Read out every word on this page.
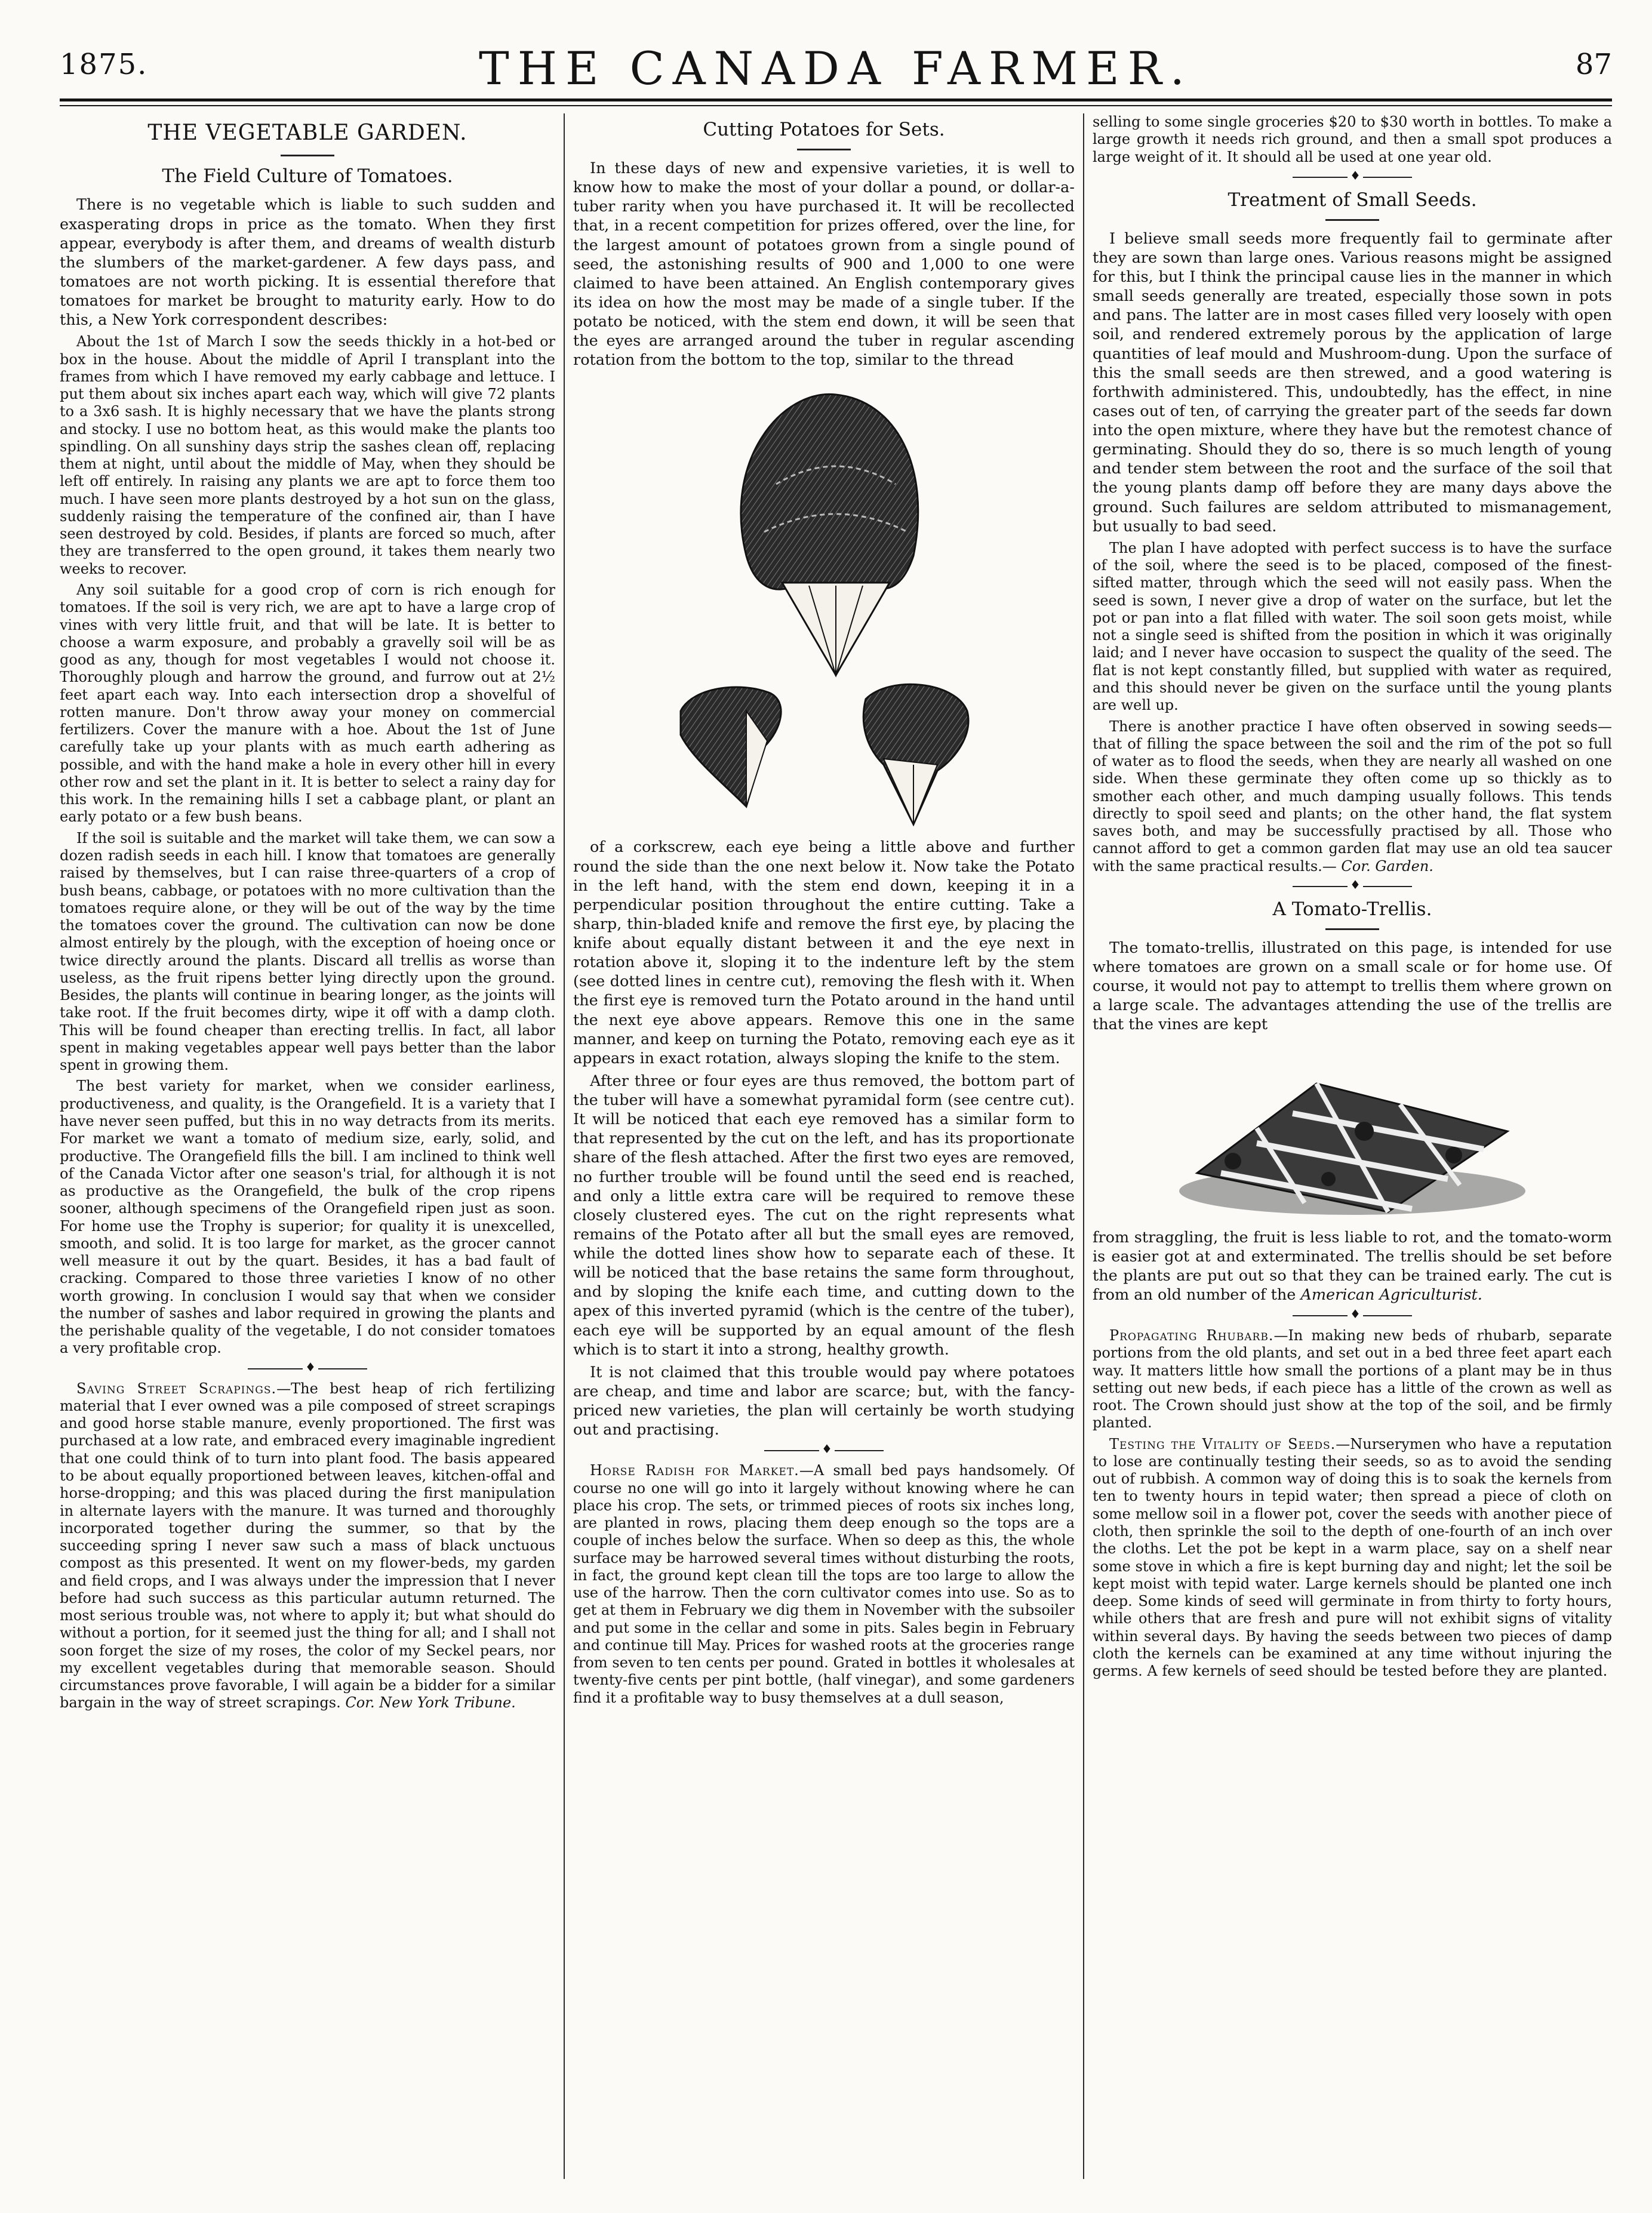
1875.	THE CANADA FARMER.	87
THE VEGETABLE GARDEN.
The Field Culture of Tomatoes.

There is no vegetable which is liable to such sudden and exasperating drops in price as the tomato. When they first appear, everybody is after them, and dreams of wealth disturb the slumbers of the market-gardener. A few days pass, and tomatoes are not worth picking. It is essential therefore that tomatoes for market be brought to maturity early. How to do this, a New York correspondent describes:

About the 1st of March I sow the seeds thickly in a hot-bed or box in the house. About the middle of April I transplant into the frames from which I have removed my early cabbage and lettuce. I put them about six inches apart each way, which will give 72 plants to a 3x6 sash. It is highly necessary that we have the plants strong and stocky. I use no bottom heat, as this would make the plants too spindling. On all sunshiny days strip the sashes clean off, replacing them at night, until about the middle of May, when they should be left off entirely. In raising any plants we are apt to force them too much. I have seen more plants destroyed by a hot sun on the glass, suddenly raising the temperature of the confined air, than I have seen destroyed by cold. Besides, if plants are forced so much, after they are transferred to the open ground, it takes them nearly two weeks to recover.

Any soil suitable for a good crop of corn is rich enough for tomatoes. If the soil is very rich, we are apt to have a large crop of vines with very little fruit, and that will be late. It is better to choose a warm exposure, and probably a gravelly soil will be as good as any, though for most vegetables I would not choose it. Thoroughly plough and harrow the ground, and furrow out at 2½ feet apart each way. Into each intersection drop a shovelful of rotten manure. Don't throw away your money on commercial fertilizers. Cover the manure with a hoe. About the 1st of June carefully take up your plants with as much earth adhering as possible, and with the hand make a hole in every other hill in every other row and set the plant in it. It is better to select a rainy day for this work. In the remaining hills I set a cabbage plant, or plant an early potato or a few bush beans.

If the soil is suitable and the market will take them, we can sow a dozen radish seeds in each hill. I know that tomatoes are generally raised by themselves, but I can raise three-quarters of a crop of bush beans, cabbage, or potatoes with no more cultivation than the tomatoes require alone, or they will be out of the way by the time the tomatoes cover the ground. The cultivation can now be done almost entirely by the plough, with the exception of hoeing once or twice directly around the plants. Discard all trellis as worse than useless, as the fruit ripens better lying directly upon the ground. Besides, the plants will continue in bearing longer, as the joints will take root. If the fruit becomes dirty, wipe it off with a damp cloth. This will be found cheaper than erecting trellis. In fact, all labor spent in making vegetables appear well pays better than the labor spent in growing them.

The best variety for market, when we consider earliness, productiveness, and quality, is the Orangefield. It is a variety that I have never seen puffed, but this in no way detracts from its merits. For market we want a tomato of medium size, early, solid, and productive. The Orangefield fills the bill. I am inclined to think well of the Canada Victor after one season's trial, for although it is not as productive as the Orangefield, the bulk of the crop ripens sooner, although specimens of the Orangefield ripen just as soon. For home use the Trophy is superior; for quality it is unexcelled, smooth, and solid. It is too large for market, as the grocer cannot well measure it out by the quart. Besides, it has a bad fault of cracking. Compared to those three varieties I know of no other worth growing. In conclusion I would say that when we consider the number of sashes and labor required in growing the plants and the perishable quality of the vegetable, I do not consider tomatoes a very profitable crop.

♦

Saving Street Scrapings.—The best heap of rich fertilizing material that I ever owned was a pile composed of street scrapings and good horse stable manure, evenly proportioned. The first was purchased at a low rate, and embraced every imaginable ingredient that one could think of to turn into plant food. The basis appeared to be about equally proportioned between leaves, kitchen-offal and horse-dropping; and this was placed during the first manipulation in alternate layers with the manure. It was turned and thoroughly incorporated together during the summer, so that by the succeeding spring I never saw such a mass of black unctuous compost as this presented. It went on my flower-beds, my garden and field crops, and I was always under the impression that I never before had such success as this particular autumn returned. The most serious trouble was, not where to apply it; but what should do without a portion, for it seemed just the thing for all; and I shall not soon forget the size of my roses, the color of my Seckel pears, nor my excellent vegetables during that memorable season. Should circumstances prove favorable, I will again be a bidder for a similar bargain in the way of street scrapings. Cor. New York Tribune.

Cutting Potatoes for Sets.

In these days of new and expensive varieties, it is well to know how to make the most of your dollar a pound, or dollar-a-tuber rarity when you have purchased it. It will be recollected that, in a recent competition for prizes offered, over the line, for the largest amount of potatoes grown from a single pound of seed, the astonishing results of 900 and 1,000 to one were claimed to have been attained. An English contemporary gives its idea on how the most may be made of a single tuber. If the potato be noticed, with the stem end down, it will be seen that the eyes are arranged around the tuber in regular ascending rotation from the bottom to the top, similar to the thread

of a corkscrew, each eye being a little above and further round the side than the one next below it. Now take the Potato in the left hand, with the stem end down, keeping it in a perpendicular position throughout the entire cutting. Take a sharp, thin-bladed knife and remove the first eye, by placing the knife about equally distant between it and the eye next in rotation above it, sloping it to the indenture left by the stem (see dotted lines in centre cut), removing the flesh with it. When the first eye is removed turn the Potato around in the hand until the next eye above appears. Remove this one in the same manner, and keep on turning the Potato, removing each eye as it appears in exact rotation, always sloping the knife to the stem.

After three or four eyes are thus removed, the bottom part of the tuber will have a somewhat pyramidal form (see centre cut). It will be noticed that each eye removed has a similar form to that represented by the cut on the left, and has its proportionate share of the flesh attached. After the first two eyes are removed, no further trouble will be found until the seed end is reached, and only a little extra care will be required to remove these closely clustered eyes. The cut on the right represents what remains of the Potato after all but the small eyes are removed, while the dotted lines show how to separate each of these. It will be noticed that the base retains the same form throughout, and by sloping the knife each time, and cutting down to the apex of this inverted pyramid (which is the centre of the tuber), each eye will be supported by an equal amount of the flesh which is to start it into a strong, healthy growth.

It is not claimed that this trouble would pay where potatoes are cheap, and time and labor are scarce; but, with the fancy-priced new varieties, the plan will certainly be worth studying out and practising.

♦

Horse Radish for Market.—A small bed pays handsomely. Of course no one will go into it largely without knowing where he can place his crop. The sets, or trimmed pieces of roots six inches long, are planted in rows, placing them deep enough so the tops are a couple of inches below the surface. When so deep as this, the whole surface may be harrowed several times without disturbing the roots, in fact, the ground kept clean till the tops are too large to allow the use of the harrow. Then the corn cultivator comes into use. So as to get at them in February we dig them in November with the subsoiler and put some in the cellar and some in pits. Sales begin in February and continue till May. Prices for washed roots at the groceries range from seven to ten cents per pound. Grated in bottles it wholesales at twenty-five cents per pint bottle, (half vinegar), and some gardeners find it a profitable way to busy themselves at a dull season,

selling to some single groceries $20 to $30 worth in bottles. To make a large growth it needs rich ground, and then a small spot produces a large weight of it. It should all be used at one year old.

♦
Treatment of Small Seeds.

I believe small seeds more frequently fail to germinate after they are sown than large ones. Various reasons might be assigned for this, but I think the principal cause lies in the manner in which small seeds generally are treated, especially those sown in pots and pans. The latter are in most cases filled very loosely with open soil, and rendered extremely porous by the application of large quantities of leaf mould and Mushroom-dung. Upon the surface of this the small seeds are then strewed, and a good watering is forthwith administered. This, undoubtedly, has the effect, in nine cases out of ten, of carrying the greater part of the seeds far down into the open mixture, where they have but the remotest chance of germinating. Should they do so, there is so much length of young and tender stem between the root and the surface of the soil that the young plants damp off before they are many days above the ground. Such failures are seldom attributed to mismanagement, but usually to bad seed.

The plan I have adopted with perfect success is to have the surface of the soil, where the seed is to be placed, composed of the finest-sifted matter, through which the seed will not easily pass. When the seed is sown, I never give a drop of water on the surface, but let the pot or pan into a flat filled with water. The soil soon gets moist, while not a single seed is shifted from the position in which it was originally laid; and I never have occasion to suspect the quality of the seed. The flat is not kept constantly filled, but supplied with water as required, and this should never be given on the surface until the young plants are well up.

There is another practice I have often observed in sowing seeds—that of filling the space between the soil and the rim of the pot so full of water as to flood the seeds, when they are nearly all washed on one side. When these germinate they often come up so thickly as to smother each other, and much damping usually follows. This tends directly to spoil seed and plants; on the other hand, the flat system saves both, and may be successfully practised by all. Those who cannot afford to get a common garden flat may use an old tea saucer with the same practical results.— Cor. Garden.

♦
A Tomato-Trellis.

The tomato-trellis, illustrated on this page, is intended for use where tomatoes are grown on a small scale or for home use. Of course, it would not pay to attempt to trellis them where grown on a large scale. The advantages attending the use of the trellis are that the vines are kept

from straggling, the fruit is less liable to rot, and the tomato-worm is easier got at and exterminated. The trellis should be set before the plants are put out so that they can be trained early. The cut is from an old number of the American Agriculturist.

♦

Propagating Rhubarb.—In making new beds of rhubarb, separate portions from the old plants, and set out in a bed three feet apart each way. It matters little how small the portions of a plant may be in thus setting out new beds, if each piece has a little of the crown as well as root. The Crown should just show at the top of the soil, and be firmly planted.

Testing the Vitality of Seeds.—Nurserymen who have a reputation to lose are continually testing their seeds, so as to avoid the sending out of rubbish. A common way of doing this is to soak the kernels from ten to twenty hours in tepid water; then spread a piece of cloth on some mellow soil in a flower pot, cover the seeds with another piece of cloth, then sprinkle the soil to the depth of one-fourth of an inch over the cloths. Let the pot be kept in a warm place, say on a shelf near some stove in which a fire is kept burning day and night; let the soil be kept moist with tepid water. Large kernels should be planted one inch deep. Some kinds of seed will germinate in from thirty to forty hours, while others that are fresh and pure will not exhibit signs of vitality within several days. By having the seeds between two pieces of damp cloth the kernels can be examined at any time without injuring the germs. A few kernels of seed should be tested before they are planted.
